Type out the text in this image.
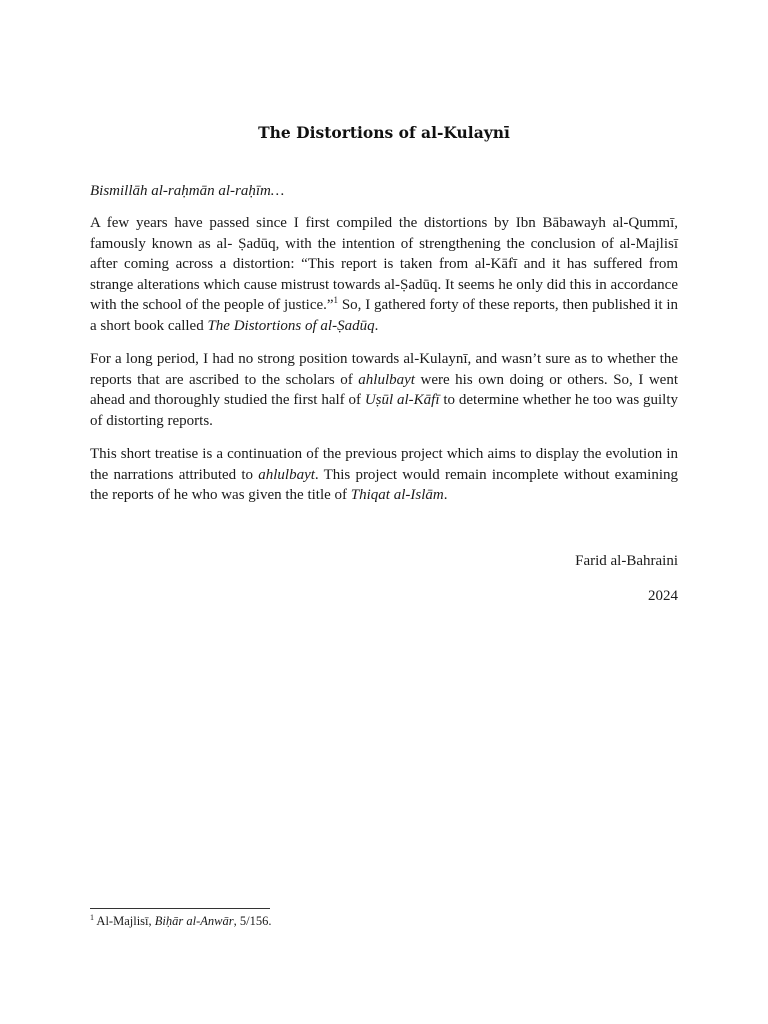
The Distortions of al-Kulaynī

Bismillāh al-raḥmān al-raḥīm…

A few years have passed since I first compiled the distortions by Ibn Bābawayh al-Qummī, famously known as al- Ṣadūq, with the intention of strengthening the conclusion of al-Majlisī after coming across a distortion: “This report is taken from al-Kāfī and it has suffered from strange alterations which cause mistrust towards al-Ṣadūq. It seems he only did this in accordance with the school of the people of justice.”$^1$ So, I gathered forty of these reports, then published it in a short book called The Distortions of al-Ṣadūq.

For a long period, I had no strong position towards al-Kulaynī, and wasn’t sure as to whether the reports that are ascribed to the scholars of ahlulbayt were his own doing or others. So, I went ahead and thoroughly studied the first half of Uṣūl al-Kāfī to determine whether he too was guilty of distorting reports.

This short treatise is a continuation of the previous project which aims to display the evolution in the narrations attributed to ahlulbayt. This project would remain incomplete without examining the reports of he who was given the title of Thiqat al-Islām.

Farid al-Bahraini
2024
$^1$ Al-Majlisī, Biḥār al-Anwār, 5/156.
